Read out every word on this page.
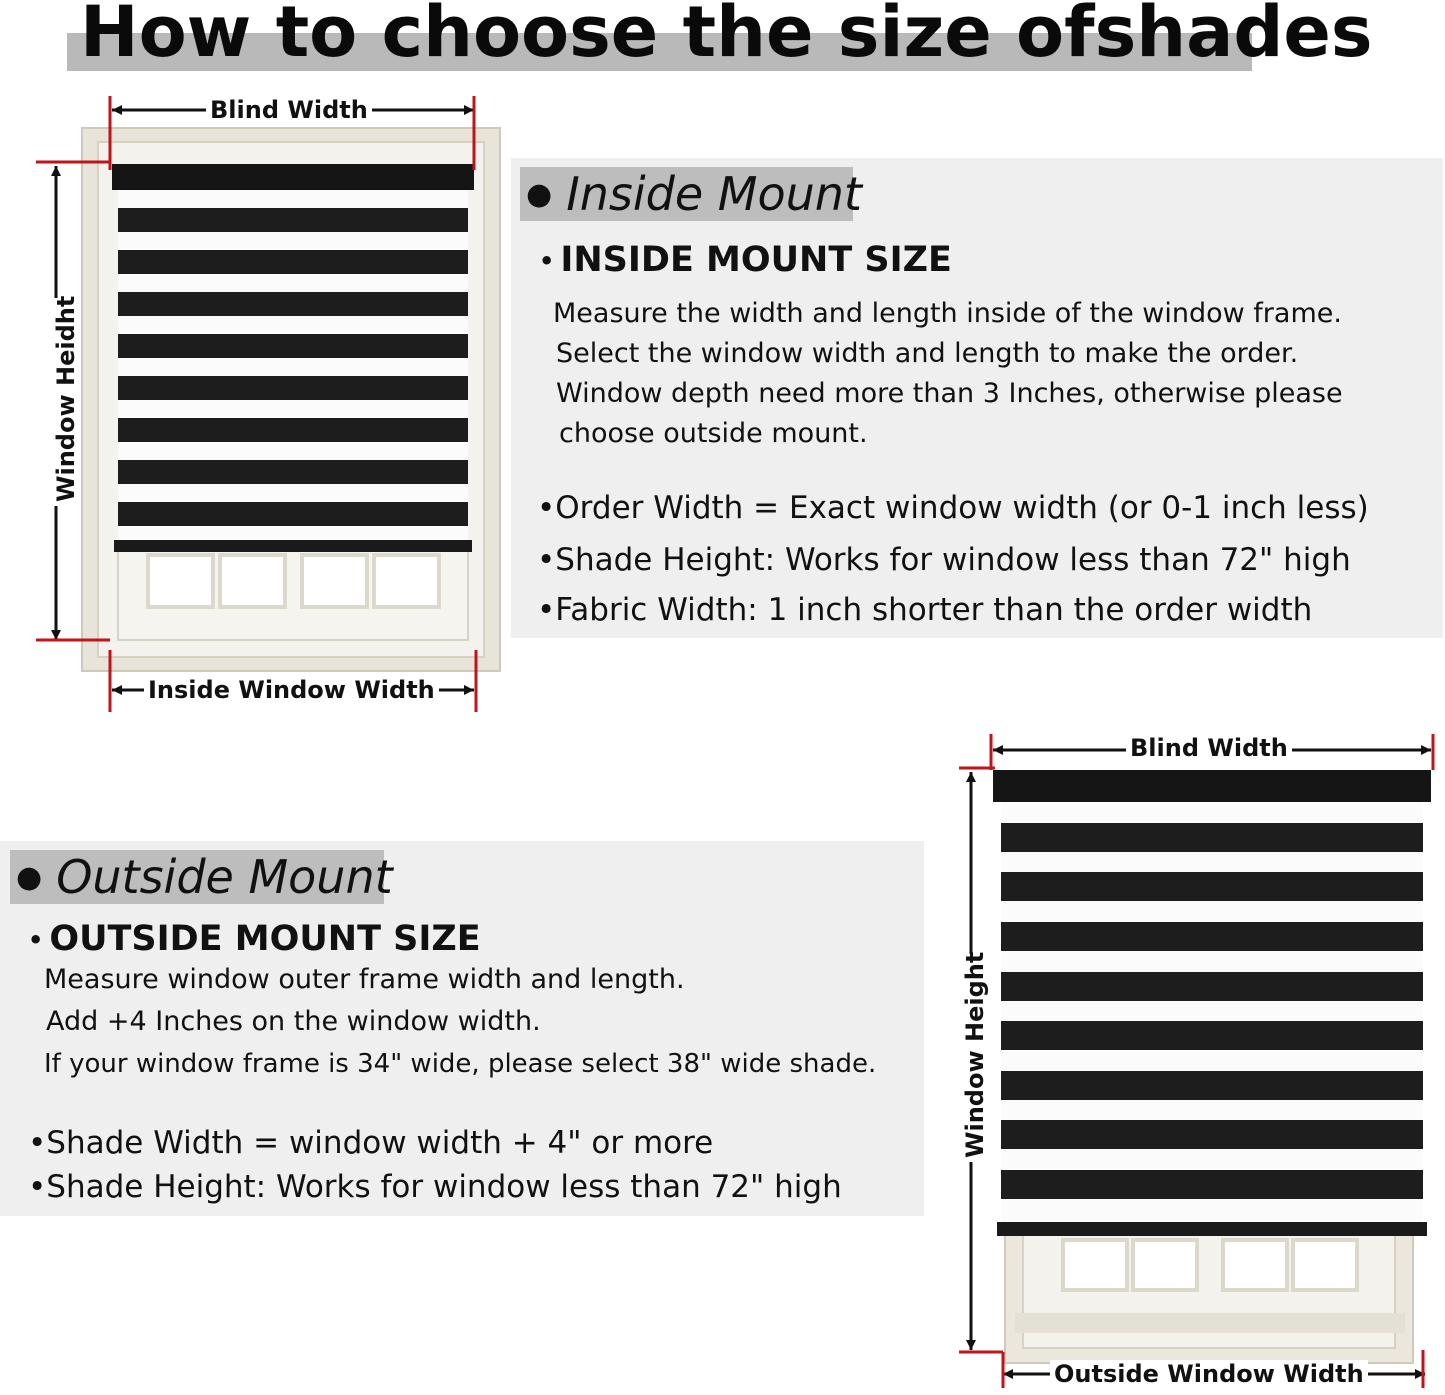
How to choose the size ofshades
Blind Width
Window Heidht
Inside Window Width
● Inside Mount
• INSIDE MOUNT SIZE
Measure the width and length inside of the window frame.
Select the window width and length to make the order.
Window depth need more than 3 Inches, otherwise please
choose outside mount.
•Order Width = Exact window width (or 0-1 inch less)
•Shade Height: Works for window less than 72" high
•Fabric Width: 1 inch shorter than the order width
● Outside Mount
• OUTSIDE MOUNT SIZE
Measure window outer frame width and length.
Add +4 Inches on the window width.
If your window frame is 34" wide, please select 38" wide shade.
•Shade Width = window width + 4" or more
•Shade Height: Works for window less than 72" high
Blind Width
Window Height
Outside Window Width
